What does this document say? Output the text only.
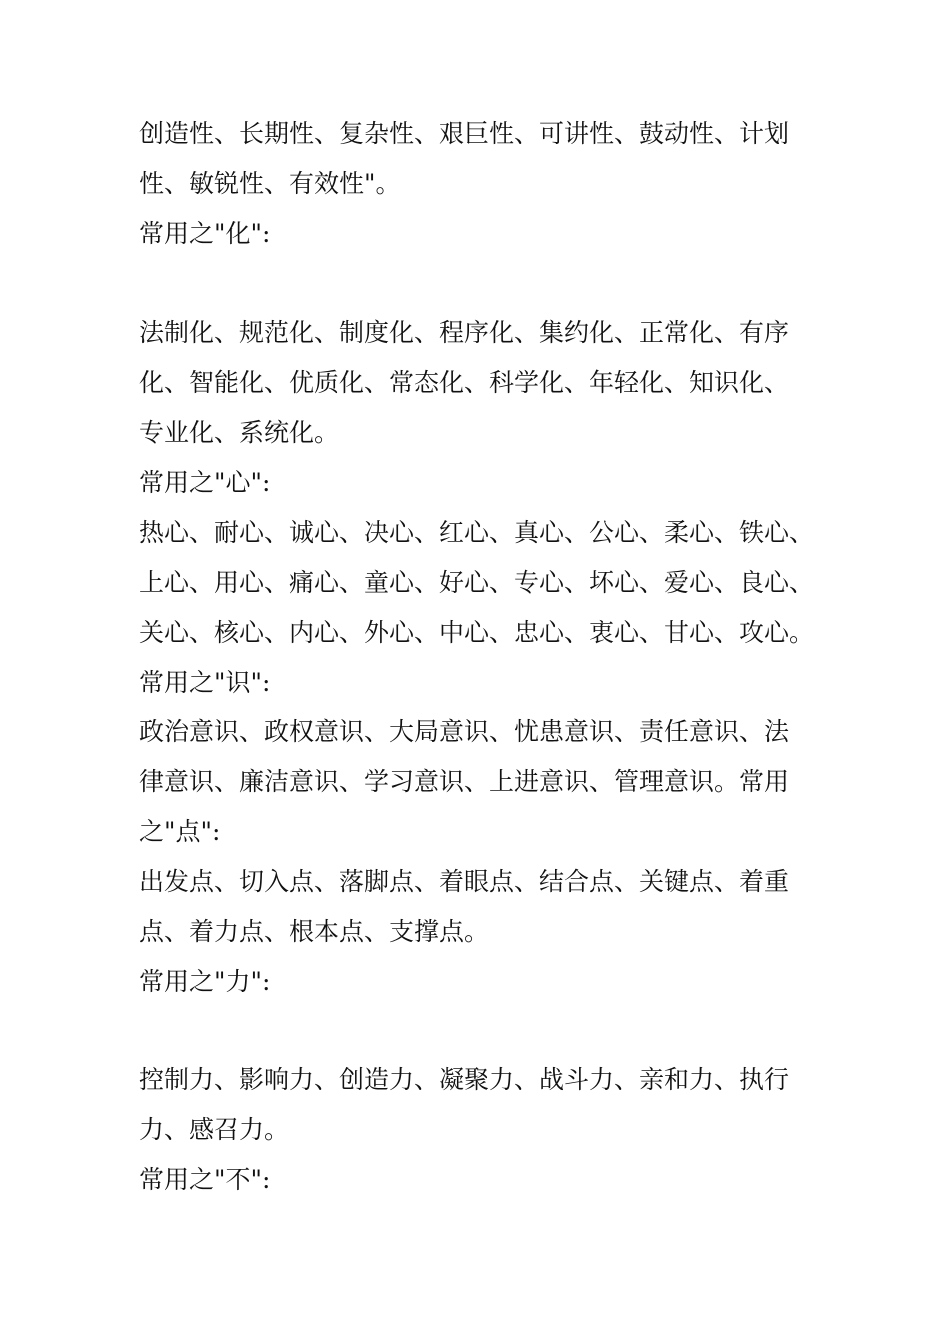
创造性、长期性、复杂性、艰巨性、可讲性、鼓动性、计划
性、敏锐性、有效性"。
常用之"化":
法制化、规范化、制度化、程序化、集约化、正常化、有序
化、智能化、优质化、常态化、科学化、年轻化、知识化、
专业化、系统化。
常用之"心":
热心、耐心、诚心、决心、红心、真心、公心、柔心、铁心、
上心、用心、痛心、童心、好心、专心、坏心、爱心、良心、
关心、核心、内心、外心、中心、忠心、衷心、甘心、攻心。
常用之"识":
政治意识、政权意识、大局意识、忧患意识、责任意识、法
律意识、廉洁意识、学习意识、上进意识、管理意识。常用
之"点":
出发点、切入点、落脚点、着眼点、结合点、关键点、着重
点、着力点、根本点、支撑点。
常用之"力":
控制力、影响力、创造力、凝聚力、战斗力、亲和力、执行
力、感召力。
常用之"不":
